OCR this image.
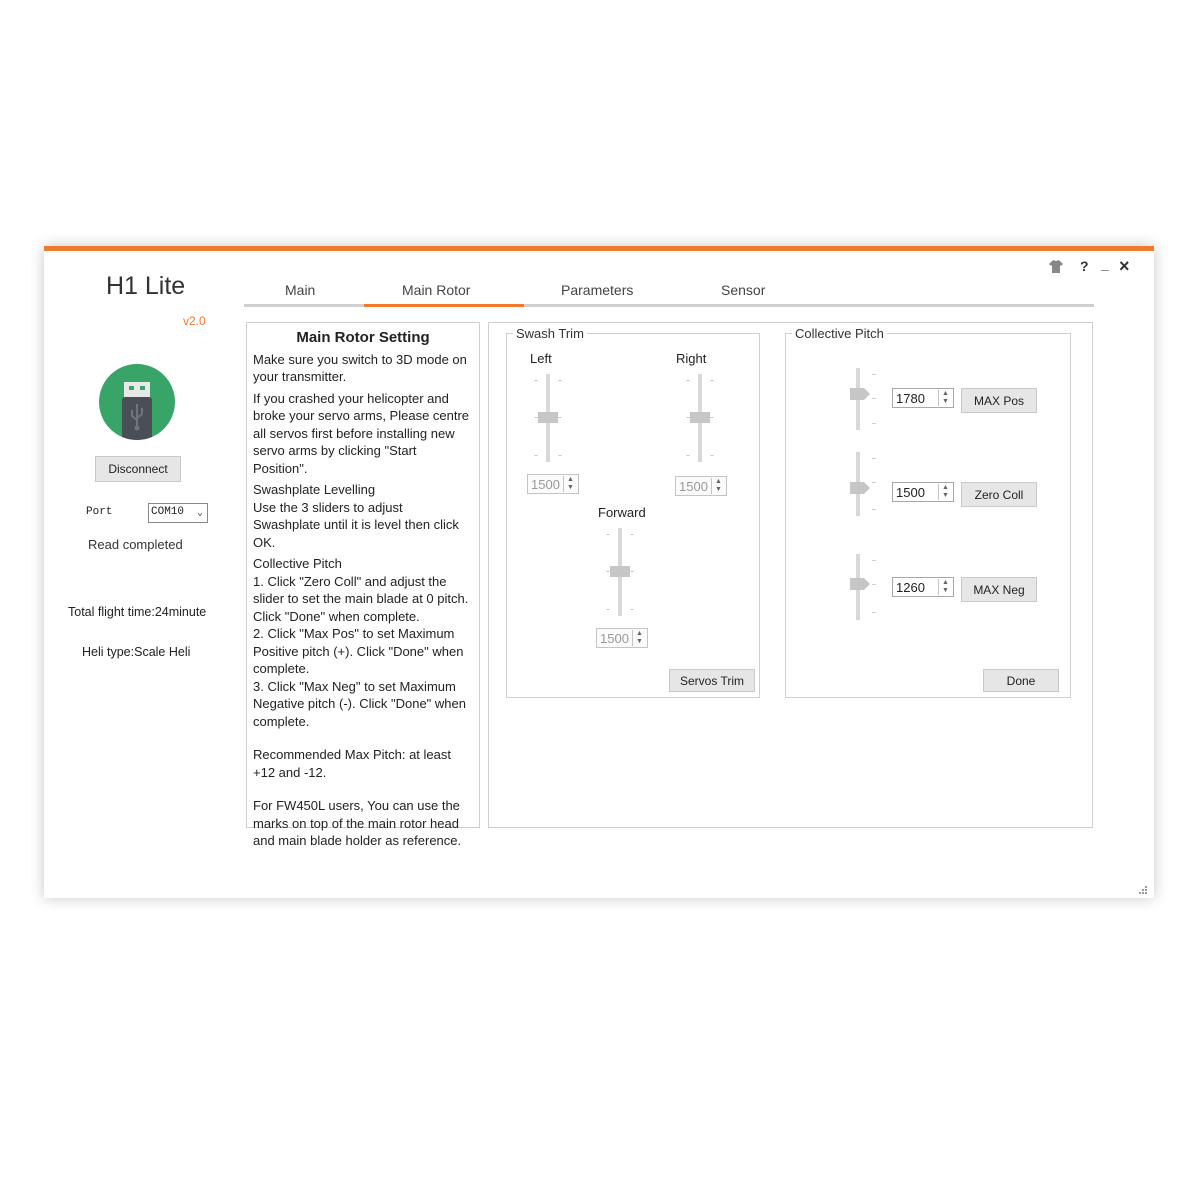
? _ ×
H1 Lite
v2.0
Disconnect
Port	COM10 ⌄
Read completed
Total flight time:24minute
Heli type:Scale Heli
Main	Main Rotor	Parameters	Sensor
Main Rotor Setting

Make sure you switch to 3D mode on your transmitter.

If you crashed your helicopter and broke your servo arms, Please centre all servos first before installing new servo arms by clicking "Start Position".

Swashplate Levelling

Use the 3 sliders to adjust Swashplate until it is level then click OK.

Collective Pitch

1. Click "Zero Coll" and adjust the slider to set the main blade at 0 pitch. Click "Done" when complete.

2. Click "Max Pos" to set Maximum Positive pitch (+). Click "Done" when complete.

3. Click "Max Neg" to set Maximum Negative pitch (-). Click "Done" when complete.

Recommended Max Pitch: at least +12 and -12.

For FW450L users, You can use the marks on top of the main rotor head and main blade holder as reference.

Swash Trim
Left	Right
Forward
1500	▲
▼	1500	▲
▼
1500	▲
▼
Servos Trim
Collective Pitch
1780	▲
▼	MAX Pos
1500	▲
▼	Zero Coll
1260	▲
▼	MAX Neg
Done
